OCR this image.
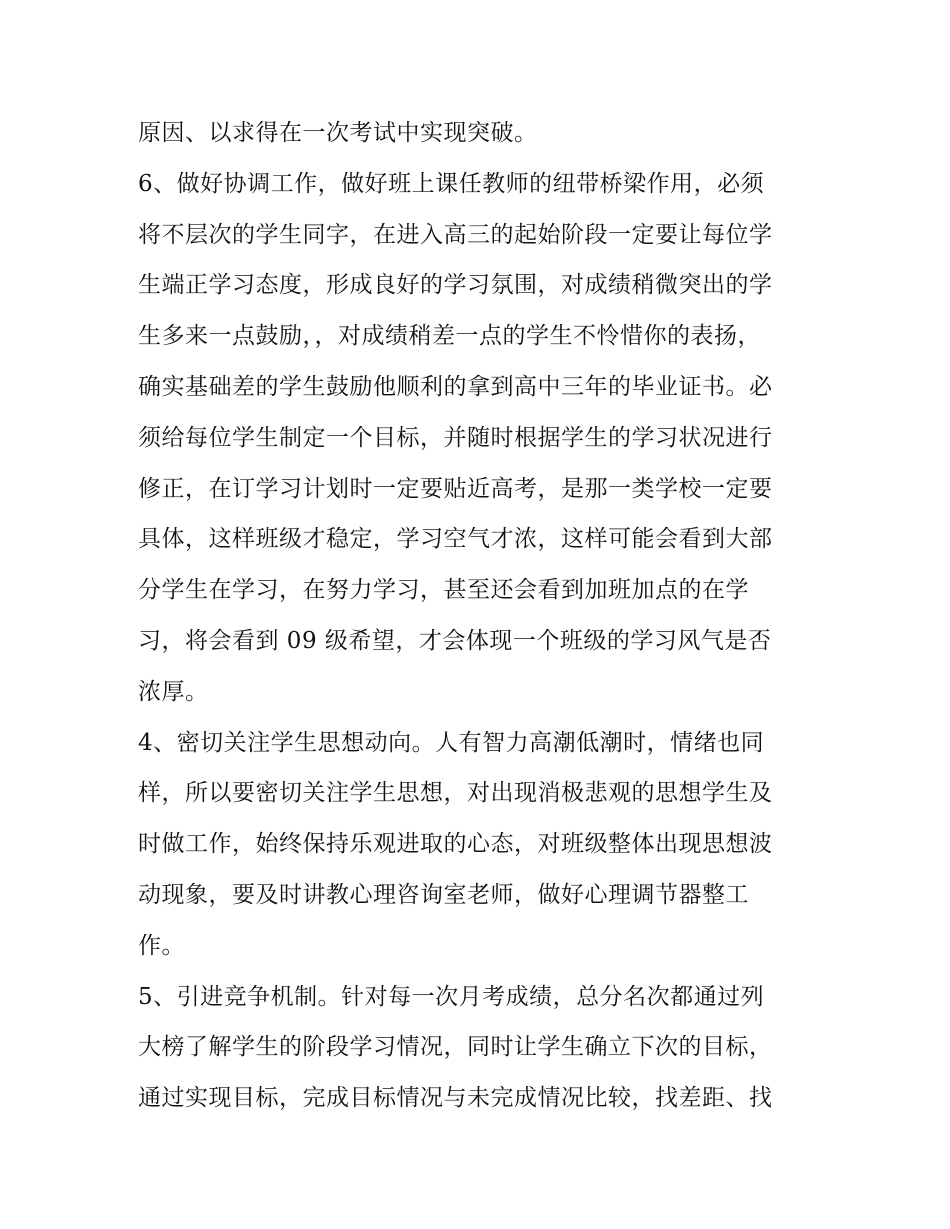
原因、以求得在一次考试中实现突破。
6、做好协调工作，做好班上课任教师的纽带桥梁作用，必须
将不层次的学生同字，在进入高三的起始阶段一定要让每位学
生端正学习态度，形成良好的学习氛围，对成绩稍微突出的学
生多来一点鼓励，，对成绩稍差一点的学生不怜惜你的表扬，
确实基础差的学生鼓励他顺利的拿到高中三年的毕业证书。必
须给每位学生制定一个目标，并随时根据学生的学习状况进行
修正，在订学习计划时一定要贴近高考，是那一类学校一定要
具体，这样班级才稳定，学习空气才浓，这样可能会看到大部
分学生在学习，在努力学习，甚至还会看到加班加点的在学
习，将会看到 09 级希望，才会体现一个班级的学习风气是否
浓厚。
4、密切关注学生思想动向。人有智力高潮低潮时，情绪也同
样，所以要密切关注学生思想，对出现消极悲观的思想学生及
时做工作，始终保持乐观进取的心态，对班级整体出现思想波
动现象，要及时讲教心理咨询室老师，做好心理调节器整工
作。
5、引进竞争机制。针对每一次月考成绩，总分名次都通过列
大榜了解学生的阶段学习情况，同时让学生确立下次的目标，
通过实现目标，完成目标情况与未完成情况比较，找差距、找
